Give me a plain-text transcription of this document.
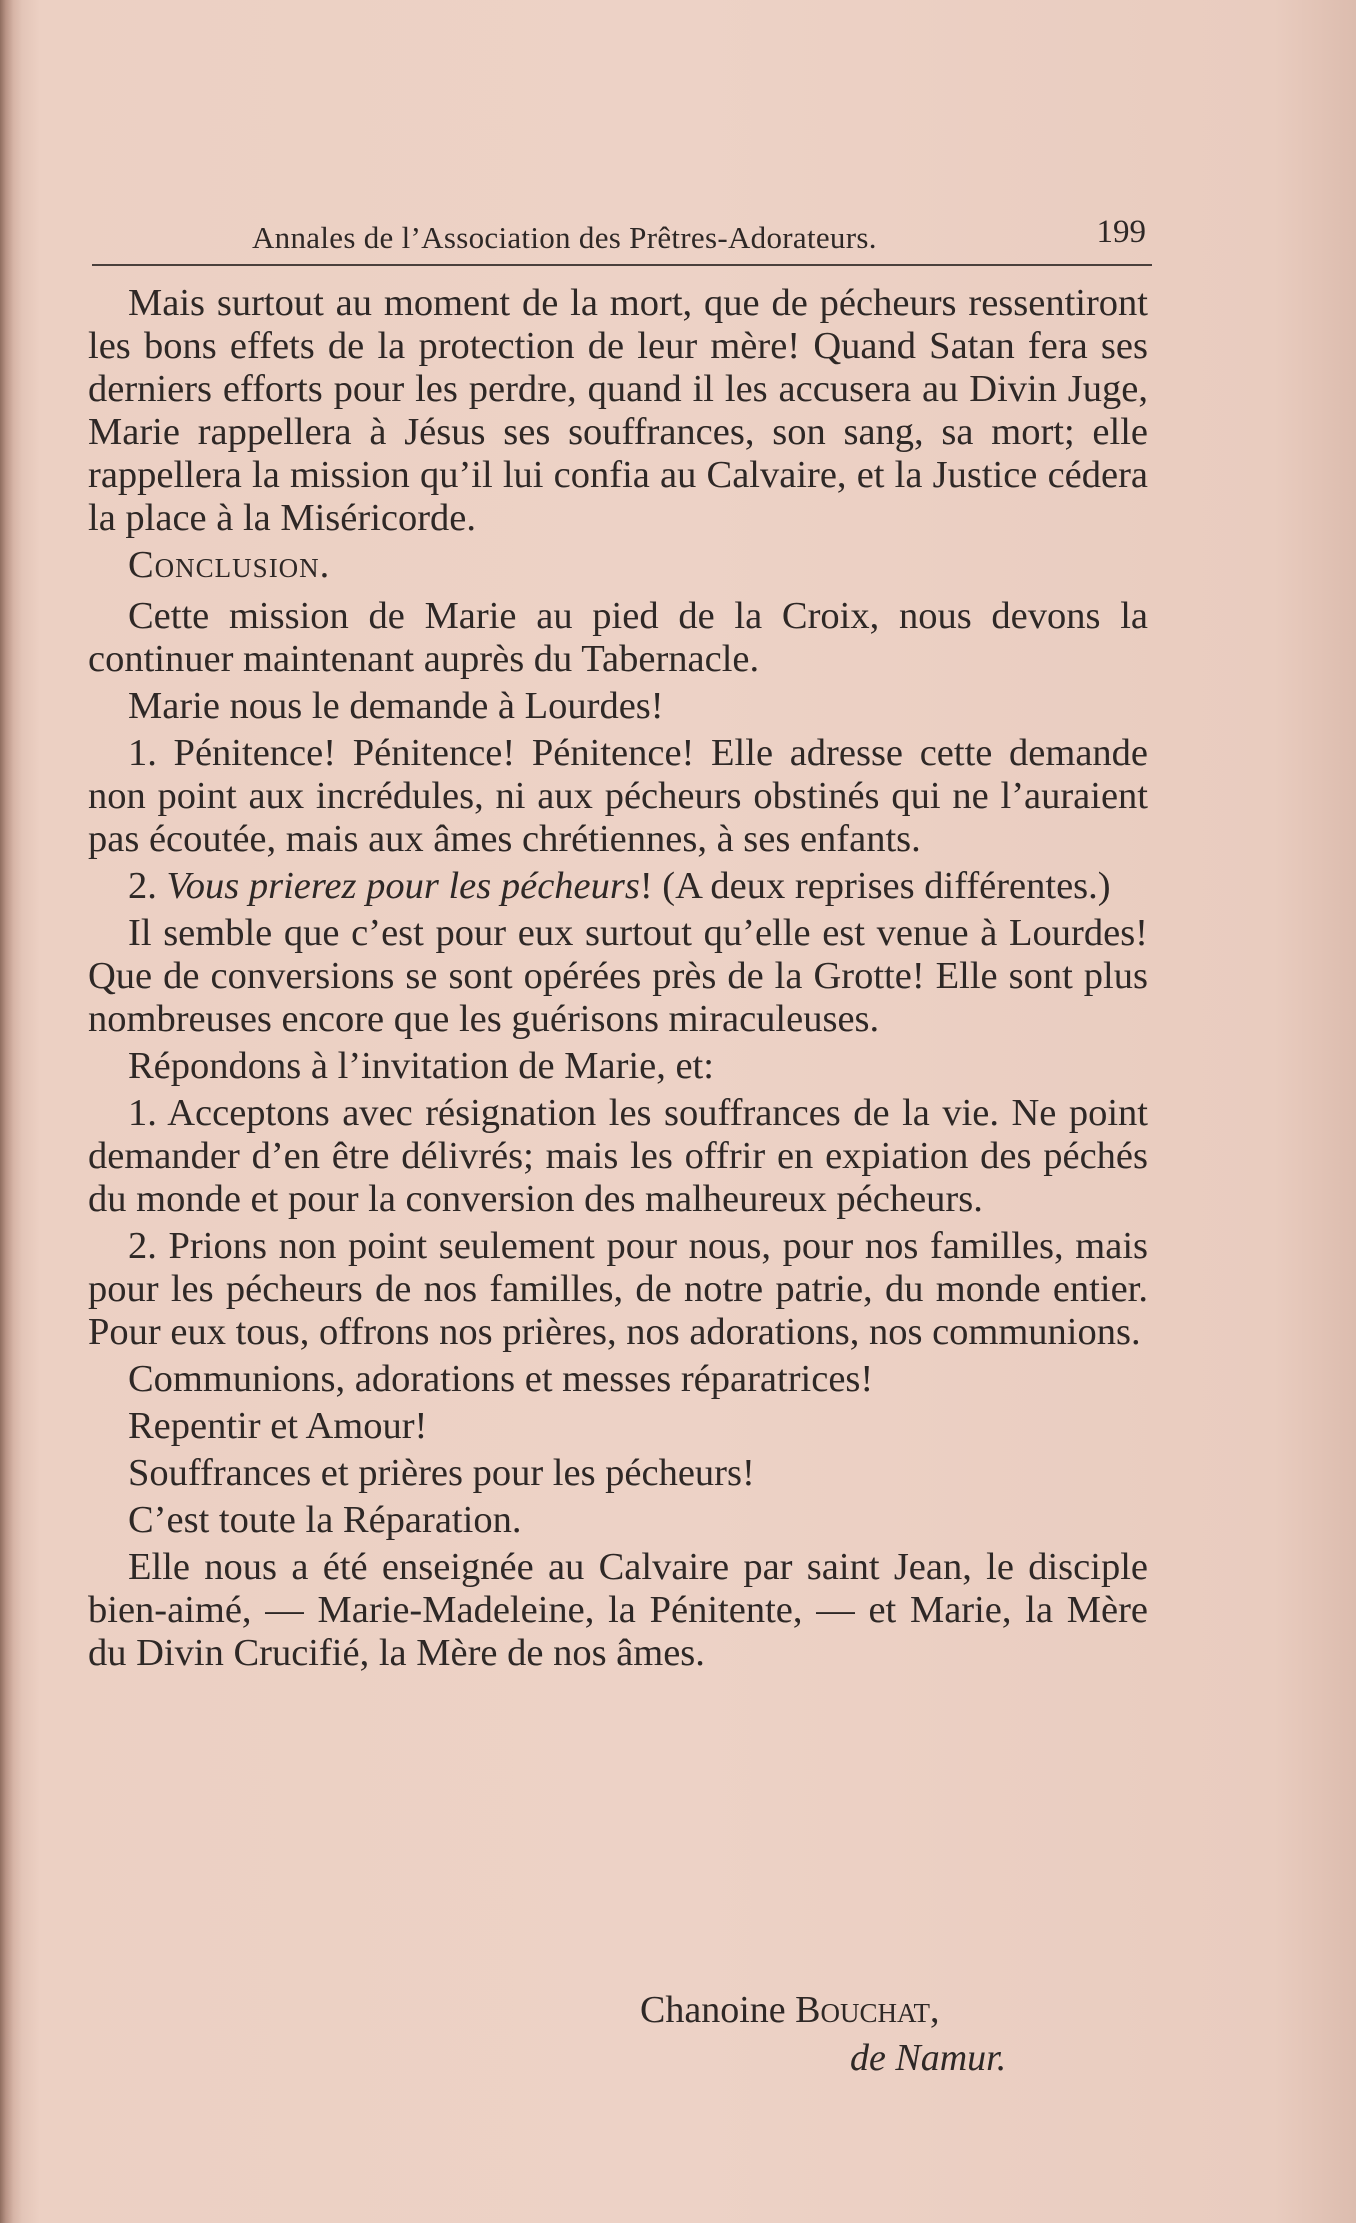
Annales de l’Association des Prêtres-Adorateurs.	199

Mais surtout au moment de la mort, que de pécheurs ressentiront les bons effets de la protection de leur mère! Quand Satan fera ses derniers efforts pour les perdre, quand il les accusera au Divin Juge, Marie rappellera à Jésus ses souffrances, son sang, sa mort; elle rappellera la mission qu’il lui confia au Calvaire, et la Justice cédera la place à la Miséricorde.

Conclusion.

Cette mission de Marie au pied de la Croix, nous devons la continuer maintenant auprès du Tabernacle.

Marie nous le demande à Lourdes!

1. Pénitence! Pénitence! Pénitence! Elle adresse cette demande non point aux incrédules, ni aux pécheurs obstinés qui ne l’auraient pas écoutée, mais aux âmes chrétiennes, à ses enfants.

2. Vous prierez pour les pécheurs! (A deux reprises différentes.)

Il semble que c’est pour eux surtout qu’elle est venue à Lourdes! Que de conversions se sont opérées près de la Grotte! Elle sont plus nombreuses encore que les guérisons miraculeuses.

Répondons à l’invitation de Marie, et:

1. Acceptons avec résignation les souffrances de la vie. Ne point demander d’en être délivrés; mais les offrir en expiation des péchés du monde et pour la conversion des malheureux pécheurs.

2. Prions non point seulement pour nous, pour nos familles, mais pour les pécheurs de nos familles, de notre patrie, du monde entier. Pour eux tous, offrons nos prières, nos adorations, nos communions.

Communions, adorations et messes réparatrices!

Repentir et Amour!

Souffrances et prières pour les pécheurs!

C’est toute la Réparation.

Elle nous a été enseignée au Calvaire par saint Jean, le disciple bien-aimé, — Marie-Madeleine, la Pénitente, — et Marie, la Mère du Divin Crucifié, la Mère de nos âmes.

Chanoine Bouchat,
de Namur.
